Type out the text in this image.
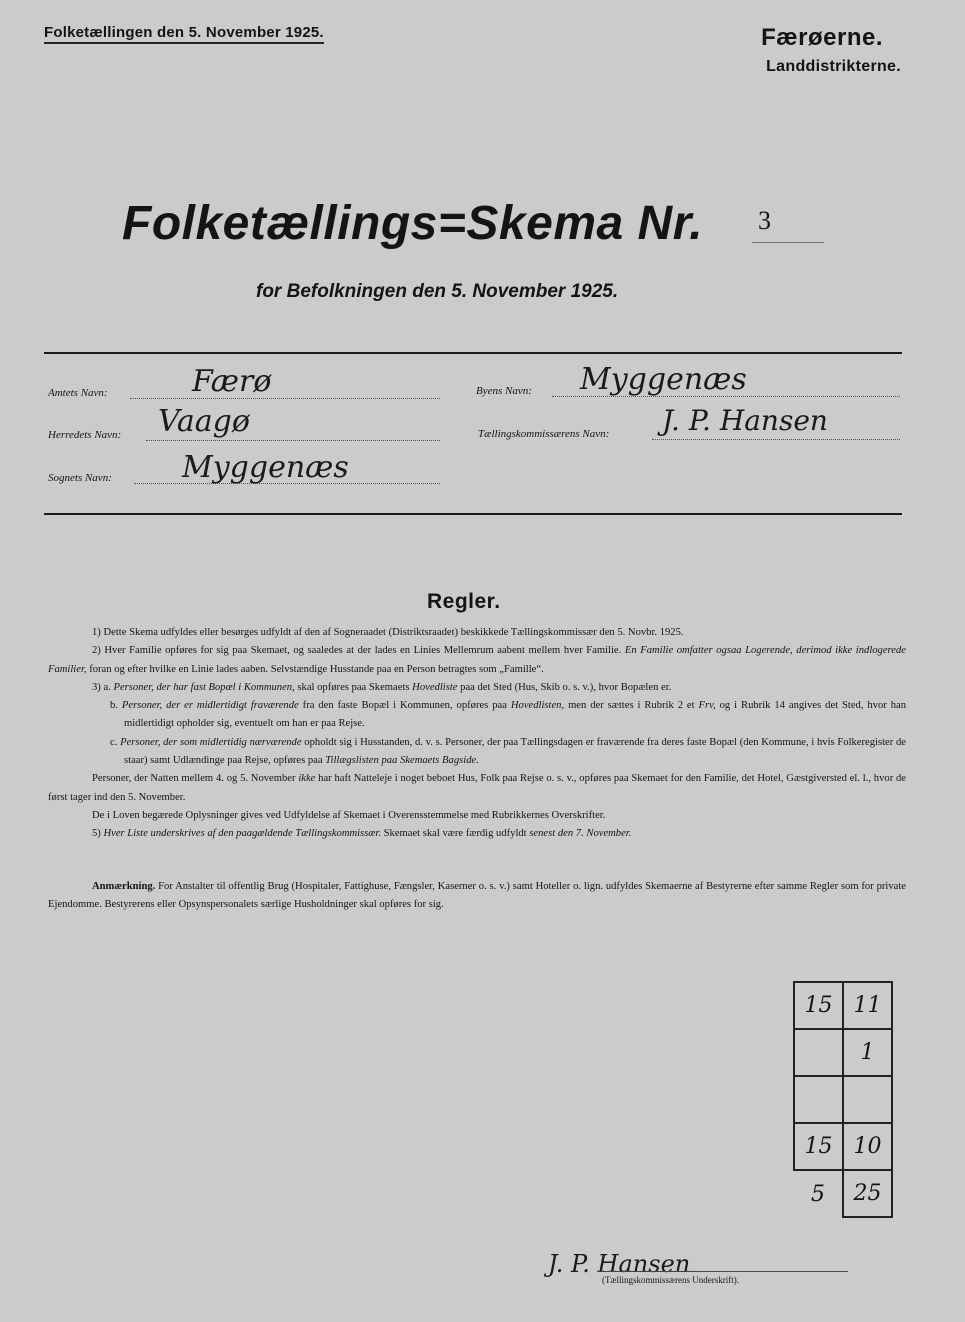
Folketællingen den 5. November 1925.	Færøerne.
Landdistrikterne.
Folketællings=Skema Nr. 3
for Befolkningen den 5. November 1925.
Amtets Navn:	Færø
Herredets Navn: Vaagø
Sognets Navn: Myggenæs
Byens Navn: Myggenæs
Tællingskommissærens Navn: J. P. Hansen
Regler.

1) Dette Skema udfyldes eller besørges udfyldt af den af Sogneraadet (Distriktsraadet) beskikkede Tællingskommissær den 5. Novbr. 1925.

2) Hver Familie opføres for sig paa Skemaet, og saaledes at der lades en Linies Mellemrum aabent mellem hver Familie. En Familie omfatter ogsaa Logerende, derimod ikke indlogerede Familier, foran og efter hvilke en Linie lades aaben. Selvstændige Husstande paa en Person betragtes som „Famille“.

3) a. Personer, der har fast Bopæl i Kommunen, skal opføres paa Skemaets Hovedliste paa det Sted (Hus, Skib o. s. v.), hvor Bopælen er.

b. Personer, der er midlertidigt fraværende fra den faste Bopæl i Kommunen, opføres paa Hovedlisten, men der sættes i Rubrik 2 et Frv, og i Rubrik 14 angives det Sted, hvor han midlertidigt opholder sig, eventuelt om han er paa Rejse.

c. Personer, der som midlertidig nærværende opholdt sig i Husstanden, d. v. s. Personer, der paa Tællingsdagen er fraværende fra deres faste Bopæl (den Kommune, i hvis Folkeregister de staar) samt Udlændinge paa Rejse, opføres paa Tillægslisten paa Skemaets Bagside.

Personer, der Natten mellem 4. og 5. November ikke har haft Natteleje i noget beboet Hus, Folk paa Rejse o. s. v., opføres paa Skemaet for den Familie, det Hotel, Gæstgiversted el. l., hvor de først tager ind den 5. November.

De i Loven begærede Oplysninger gives ved Udfyldelse af Skemaet i Overensstemmelse med Rubrikkernes Overskrifter.

5) Hver Liste underskrives af den paagældende Tællingskommissær. Skemaet skal være færdig udfyldt senest den 7. November.

Anmærkning. For Anstalter til offentlig Brug (Hospitaler, Fattighuse, Fængsler, Kaserner o. s. v.) samt Hoteller o. lign. udfyldes Skemaerne af Bestyrerne efter samme Regler som for private Ejendomme. Bestyrerens eller Opsynspersonalets særlige Husholdninger skal opføres for sig.

15	11
	1

15	10
5	25
J. P. Hansen
(Tællingskommissærens Underskrift).
